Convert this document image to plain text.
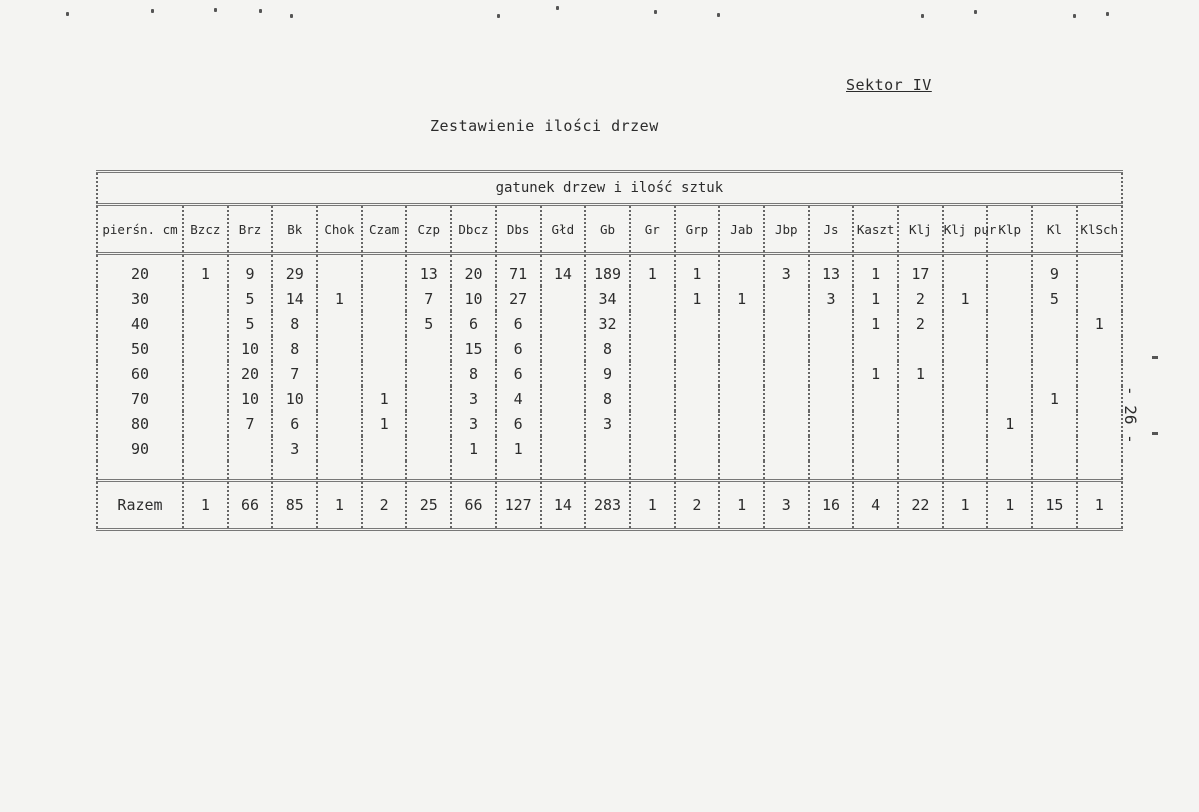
Sektor IV
Zestawienie ilości drzew
- 26 -
gatunek drzew i ilość sztuk																					
pierśn. cm	Bzcz	Brz	Bk	Chok	Czam	Czp	Dbcz	Dbs	Głd	Gb	Gr	Grp	Jab	Jbp	Js	Kaszt	Klj	Klj pur	Klp	Kl	KlSch
20	1	9	29			13	20	71	14	189	1	1		3	13	1	17			9	
30		5	14	1		7	10	27		34		1	1		3	1	2	1		5	
40		5	8			5	6	6		32						1	2				1
50		10	8				15	6		8											
60		20	7				8	6		9						1	1				
70		10	10		1		3	4		8										1	
80		7	6		1		3	6		3									1		
90			3				1	1													

Razem	1	66	85	1	2	25	66	127	14	283	1	2	1	3	16	4	22	1	1	15	1
